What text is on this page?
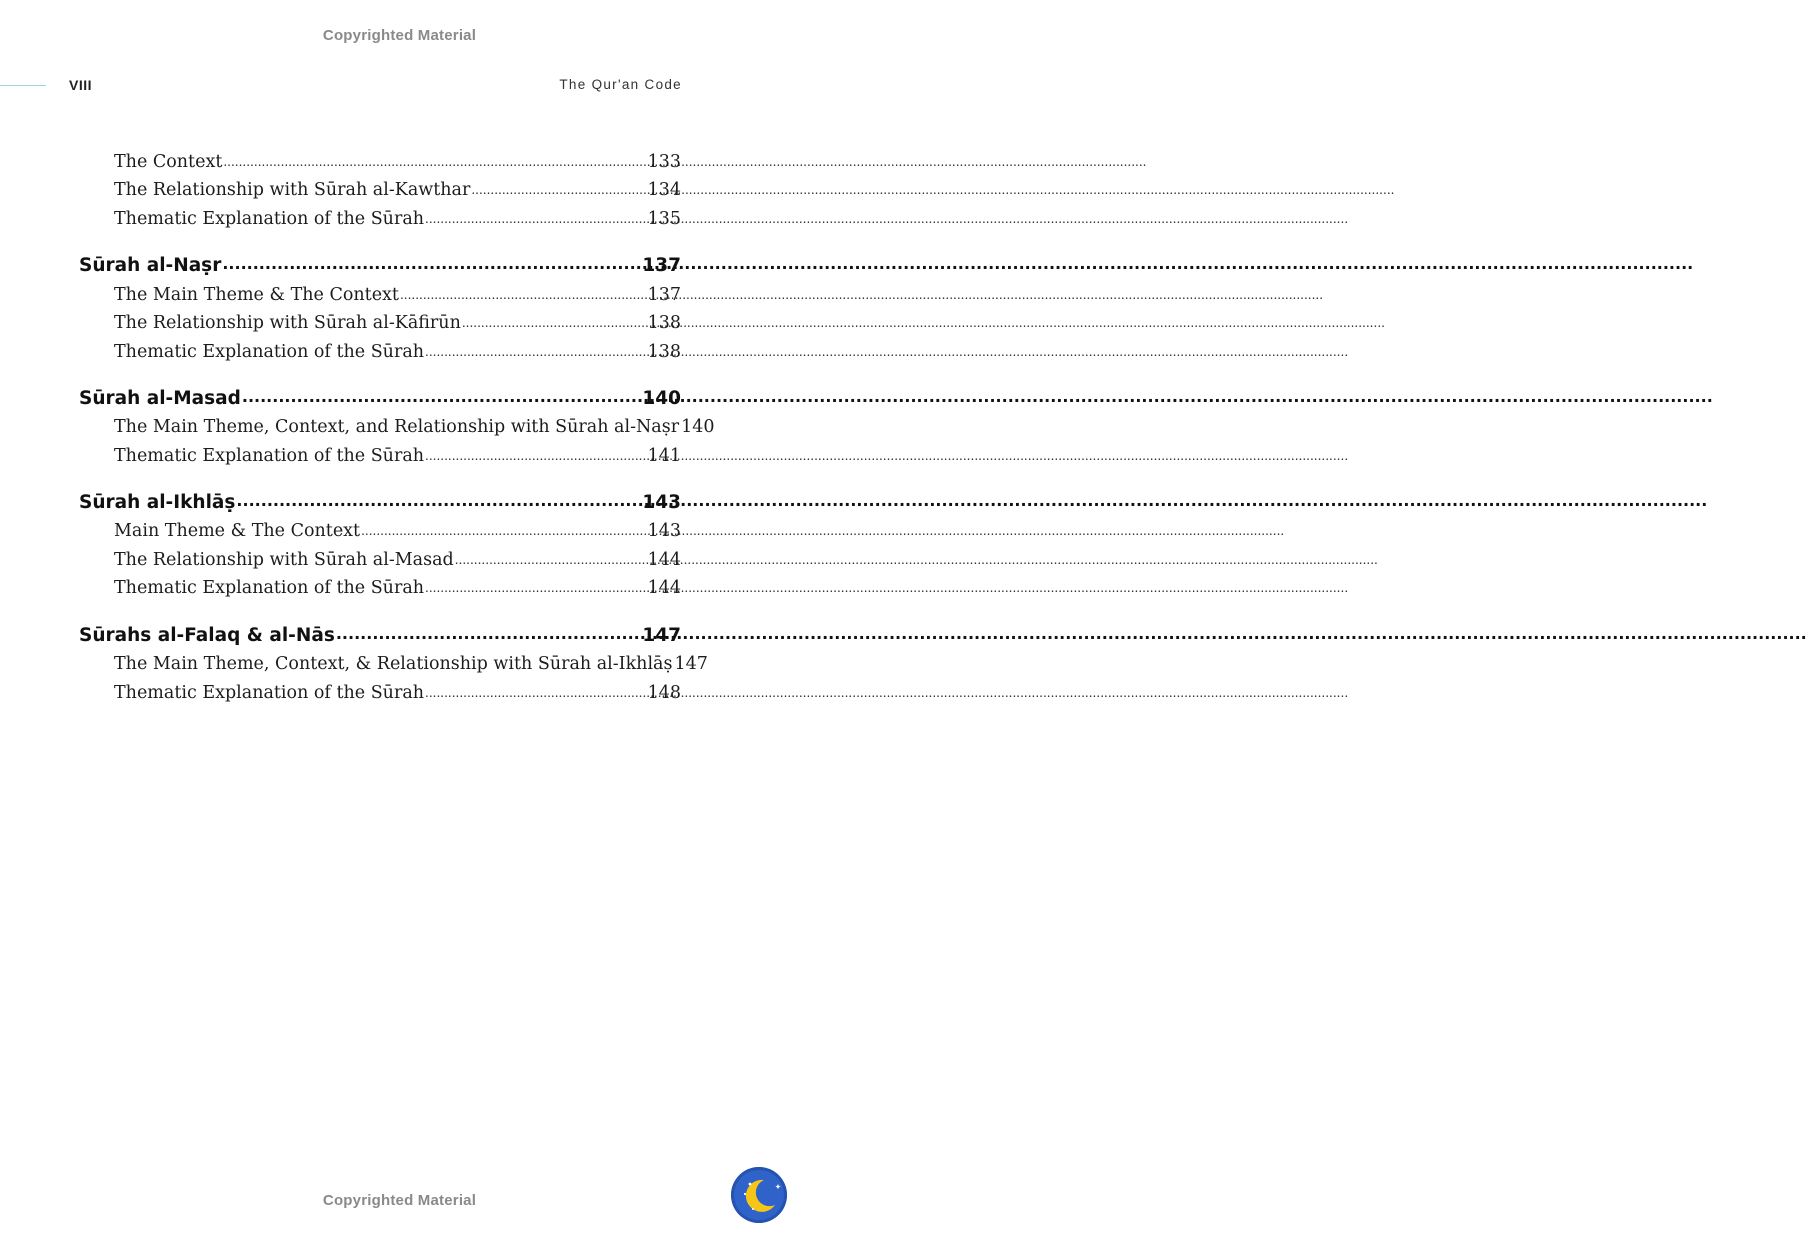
Copyrighted Material
VIII	The Qur'an Code
The Context .....	133
The Relationship with Sūrah al-Kawthar .....	134
Thematic Explanation of the Sūrah .....	135
Sūrah al-Naṣr .....	137
The Main Theme & The Context .....	137
The Relationship with Sūrah al-Kāfirūn .....	138
Thematic Explanation of the Sūrah .....	138
Sūrah al-Masad .....	140
The Main Theme, Context, and Relationship with Sūrah al-Naṣr 140
Thematic Explanation of the Sūrah .....	141
Sūrah al-Ikhlāṣ .....	143
Main Theme & The Context .....	143
The Relationship with Sūrah al-Masad .....	144
Thematic Explanation of the Sūrah .....	144
Sūrahs al-Falaq & al-Nās .....	147
The Main Theme, Context, & Relationship with Sūrah al-Ikhlāṣ 147
Thematic Explanation of the Sūrah .....	148
Copyrighted Material
